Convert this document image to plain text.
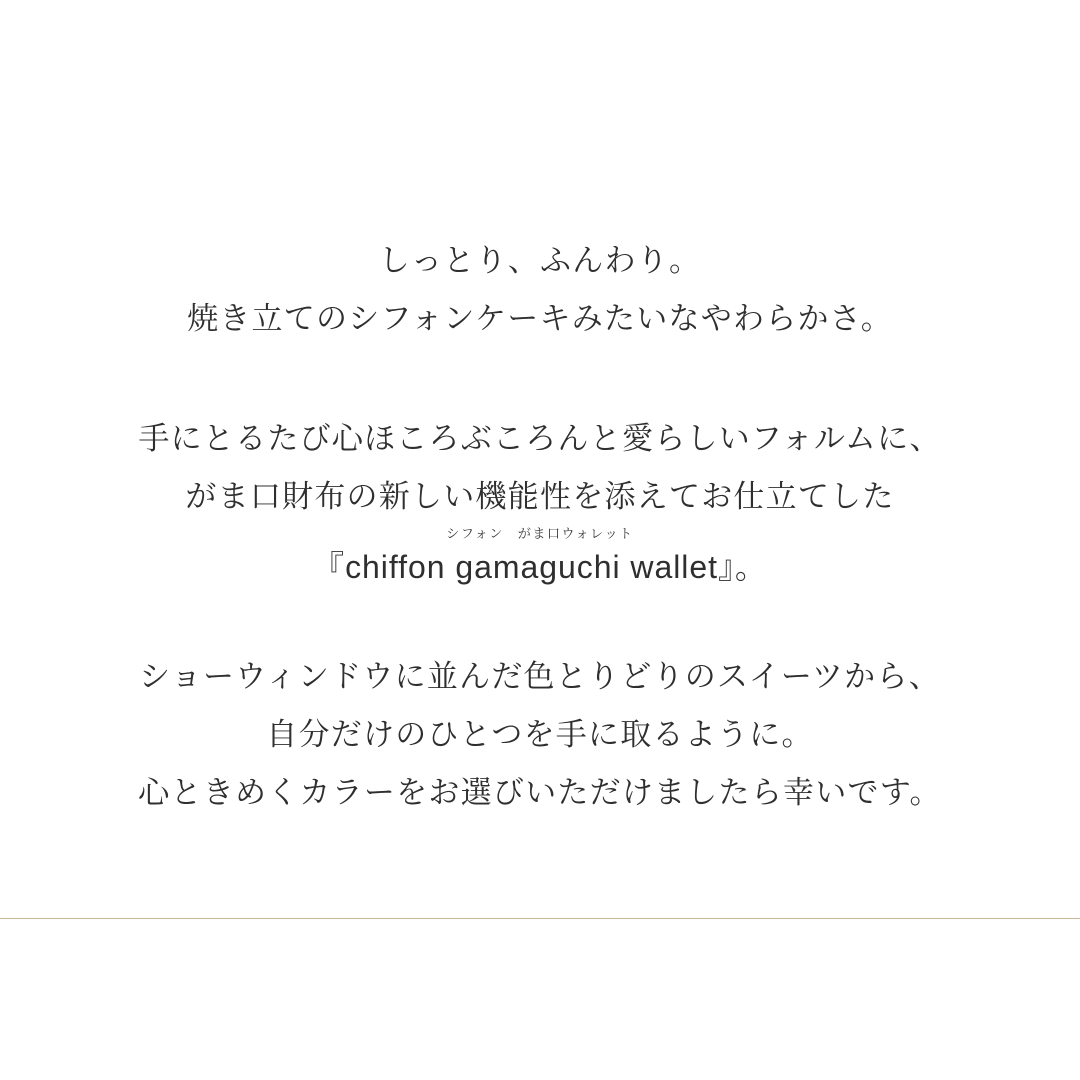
しっとり、ふんわり。
焼き立てのシフォンケーキみたいなやわらかさ。
手にとるたび心ほころぶころんと愛らしいフォルムに、
がま口財布の新しい機能性を添えてお仕立てした
シフォン がま口ウォレット
『chiffon gamaguchi wallet』。
ショーウィンドウに並んだ色とりどりのスイーツから、
自分だけのひとつを手に取るように。
心ときめくカラーをお選びいただけましたら幸いです。
